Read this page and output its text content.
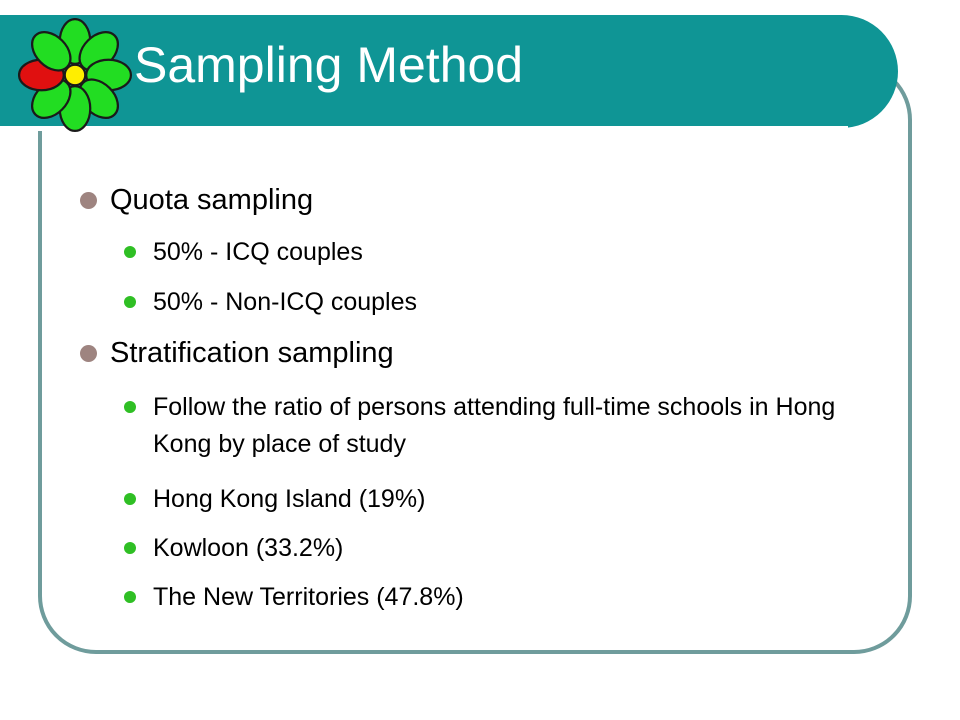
Sampling Method
Quota sampling
50% - ICQ couples
50% - Non-ICQ couples
Stratification sampling
Follow the ratio of persons attending full-time schools in Hong Kong by place of study
Hong Kong Island (19%)
Kowloon (33.2%)
The New Territories (47.8%)
